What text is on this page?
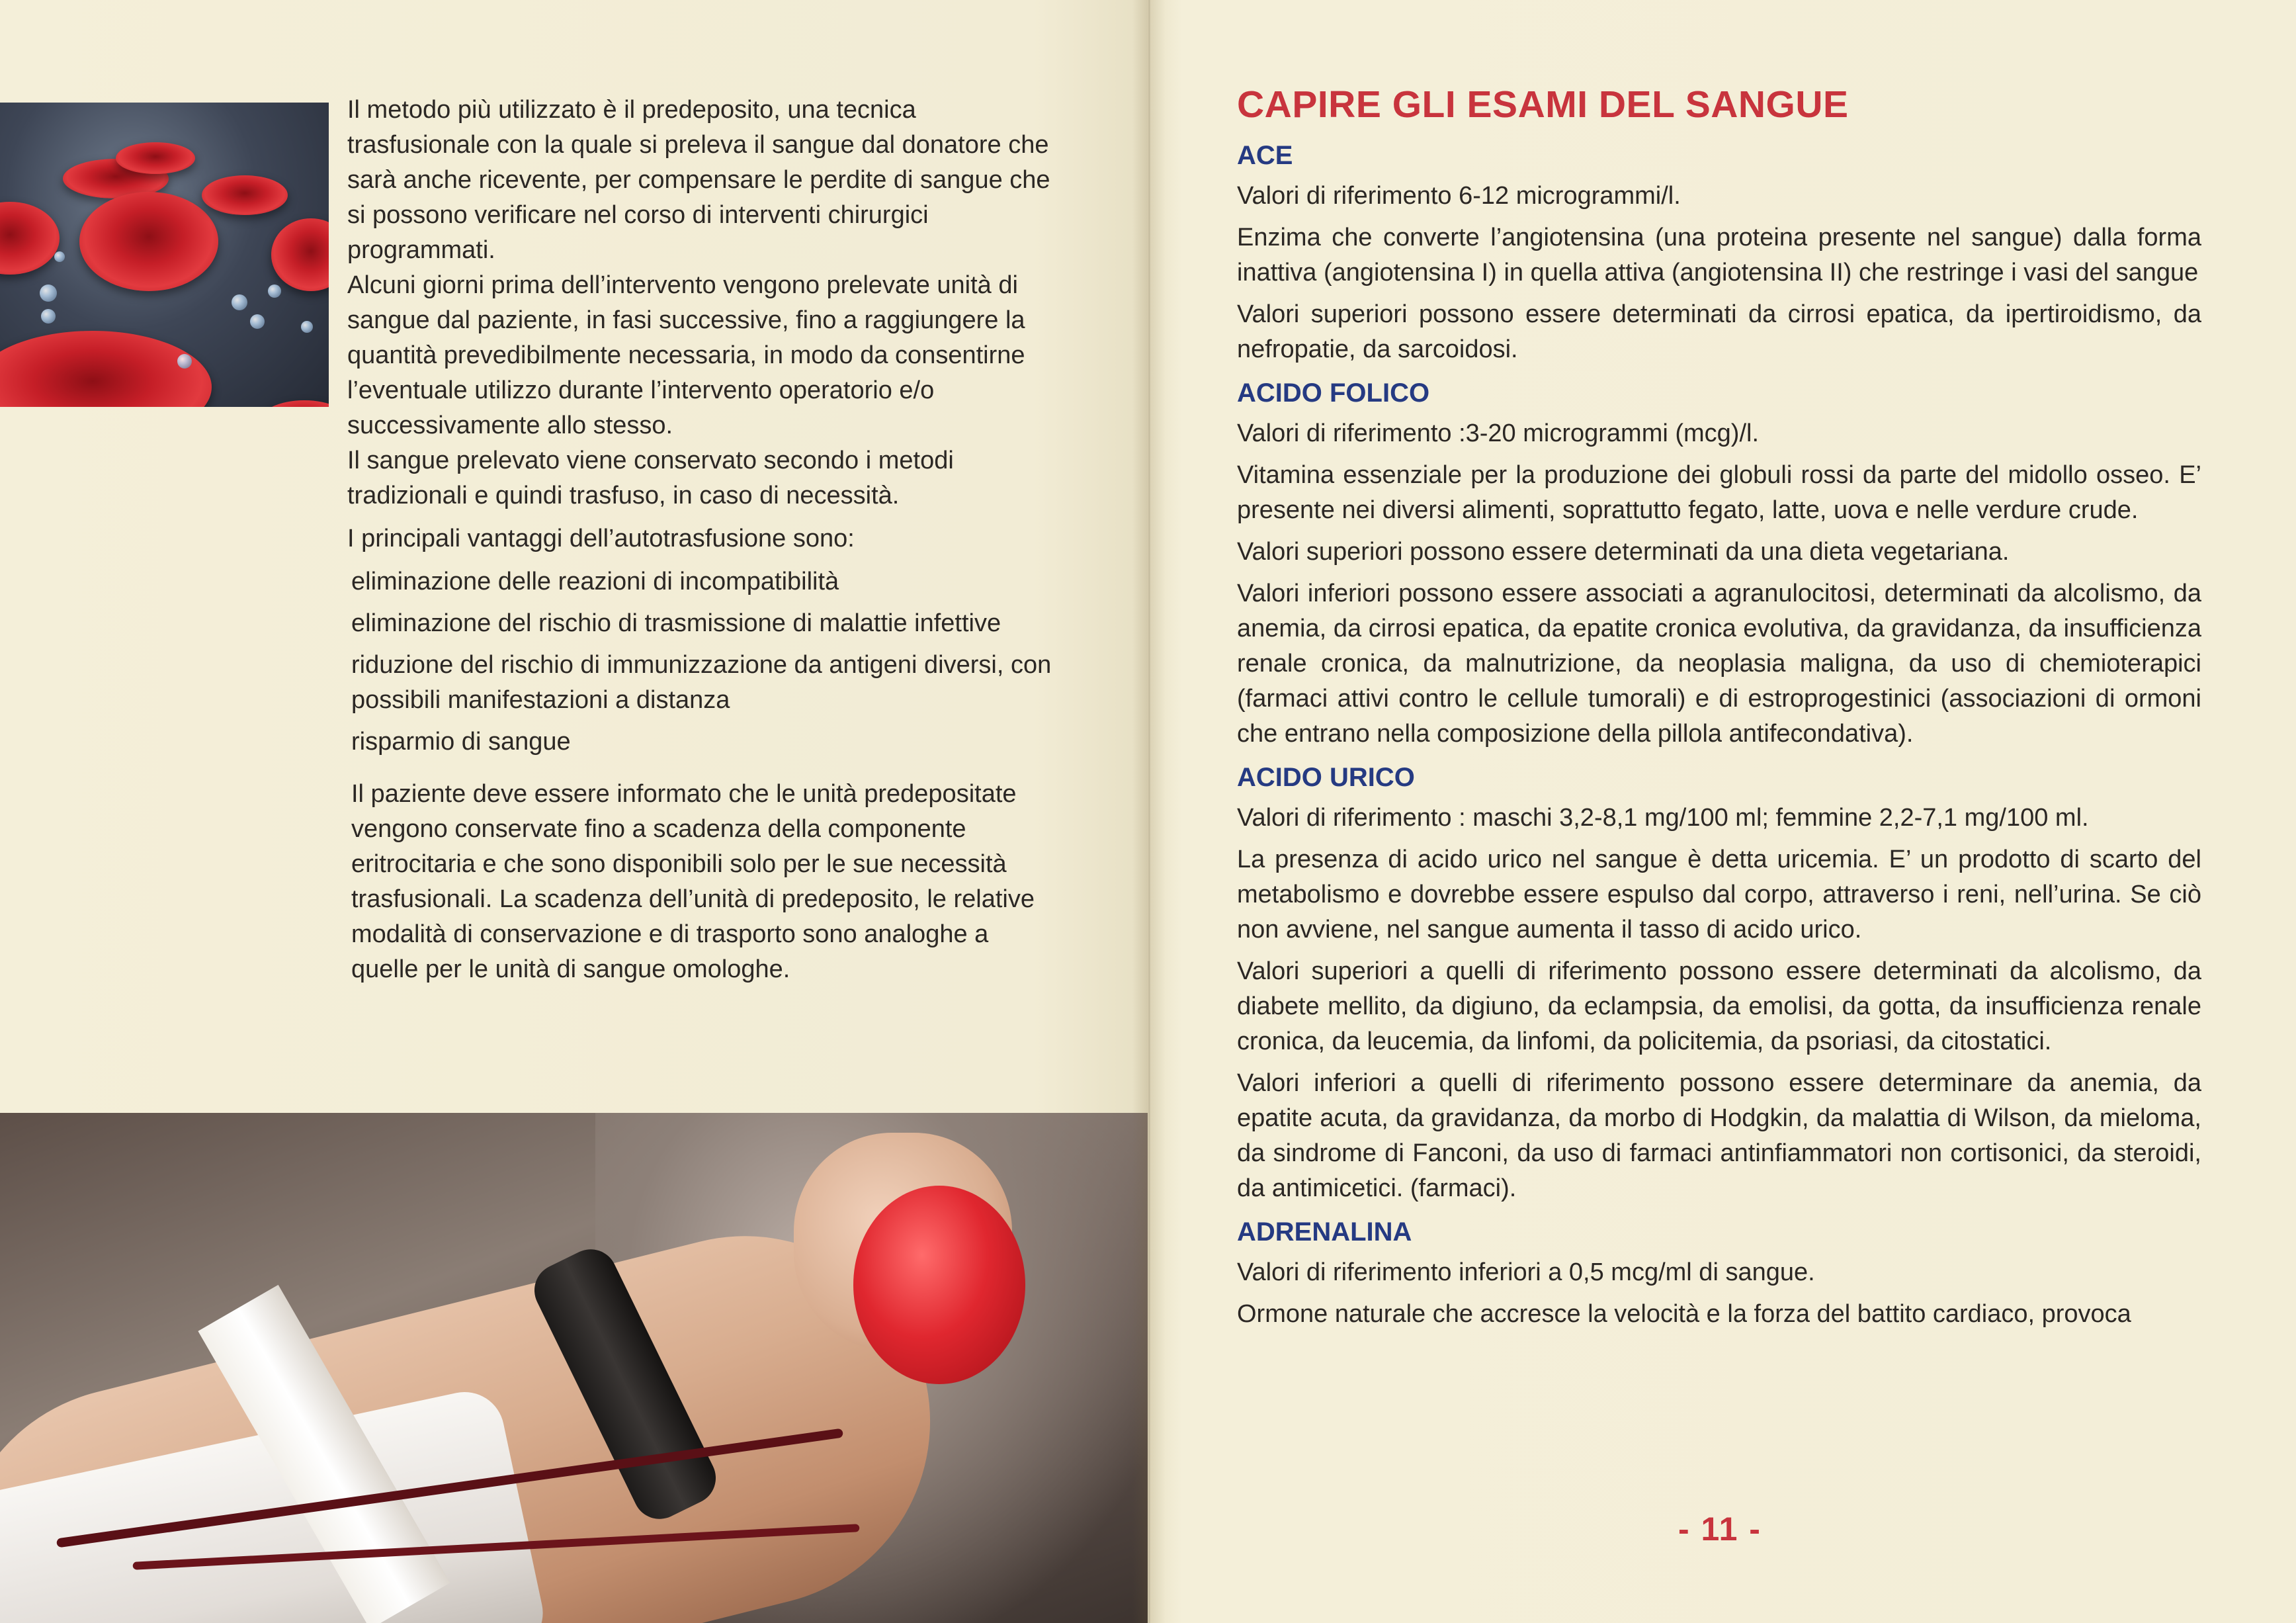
Il metodo più utilizzato è il predeposito, una tecnica trasfusionale con la quale si preleva il sangue dal donatore che sarà anche ricevente, per compensare le perdite di sangue che si possono verificare nel corso di interventi chirurgici programmati.

Alcuni giorni prima dell’intervento vengono prelevate unità di sangue dal paziente, in fasi successive, fino a raggiungere la quantità prevedibilmente necessaria, in modo da consentirne l’eventuale utilizzo durante l’intervento operatorio e/o successivamente allo stesso.

Il sangue prelevato viene conservato secondo i metodi tradizionali e quindi trasfuso, in caso di necessità.

I principali vantaggi dell’autotrasfusione sono:

eliminazione delle reazioni di incompatibilità

eliminazione del rischio di trasmissione di malattie infettive

riduzione del rischio di immunizzazione da antigeni diversi, con possibili manifestazioni a distanza

risparmio di sangue

Il paziente deve essere informato che le unità predepositate vengono conservate fino a scadenza della componente eritrocitaria e che sono disponibili solo per le sue necessità trasfusionali. La scadenza dell’unità di predeposito, le relative modalità di conservazione e di trasporto sono analoghe a quelle per le unità di sangue omologhe.

CAPIRE GLI ESAMI DEL SANGUE
ACE

Valori di riferimento 6-12 microgrammi/l.

Enzima che converte l’angiotensina (una proteina presente nel sangue) dalla forma inattiva (angiotensina I) in quella attiva (angiotensina II) che restringe i vasi del sangue

Valori superiori possono essere determinati da cirrosi epatica, da ipertiroidismo, da nefropatie, da sarcoidosi.

ACIDO FOLICO

Valori di riferimento :3-20 microgrammi (mcg)/l.

Vitamina essenziale per la produzione dei globuli rossi da parte del midollo osseo. E’ presente nei diversi alimenti, soprattutto fegato, latte, uova e nelle verdure crude.

Valori superiori possono essere determinati da una dieta vegetariana.

Valori inferiori possono essere associati a agranulocitosi, determinati da alcolismo, da anemia, da cirrosi epatica, da epatite cronica evolutiva, da gravidanza, da insufficienza renale cronica, da malnutrizione, da neoplasia maligna, da uso di chemioterapici (farmaci attivi contro le cellule tumorali) e di estroprogestinici (associazioni di ormoni che entrano nella composizione della pillola antifecondativa).

ACIDO URICO

Valori di riferimento : maschi 3,2-8,1 mg/100 ml; femmine 2,2-7,1 mg/100 ml.

La presenza di acido urico nel sangue è detta uricemia. E’ un prodotto di scarto del metabolismo e dovrebbe essere espulso dal corpo, attraverso i reni, nell’urina. Se ciò non avviene, nel sangue aumenta il tasso di acido urico.

Valori superiori a quelli di riferimento possono essere determinati da alcolismo, da diabete mellito, da digiuno, da eclampsia, da emolisi, da gotta, da insufficienza renale cronica, da leucemia, da linfomi, da policitemia, da psoriasi, da citostatici.

Valori inferiori a quelli di riferimento possono essere determinare da anemia, da epatite acuta, da gravidanza, da morbo di Hodgkin, da malattia di Wilson, da mieloma, da sindrome di Fanconi, da uso di farmaci antinfiammatori non cortisonici, da steroidi, da antimicetici. (farmaci).

ADRENALINA

Valori di riferimento inferiori a 0,5 mcg/ml di sangue.

Ormone naturale che accresce la velocità e la forza del battito cardiaco, provoca

- 11 -
